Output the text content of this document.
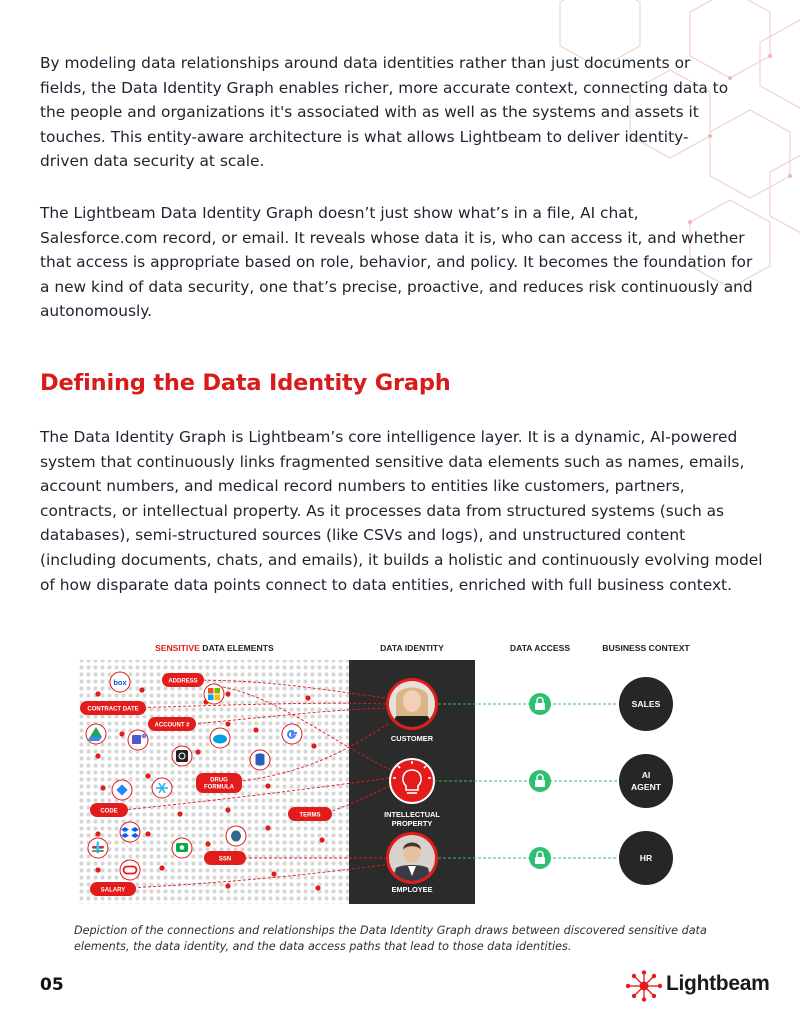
By modeling data relationships around data identities rather than just documents or fields, the Data Identity Graph enables richer, more accurate context, connecting data to the people and organizations it's associated with as well as the systems and assets it touches. This entity-aware architecture is what allows Lightbeam to deliver identity-driven data security at scale.

The Lightbeam Data Identity Graph doesn’t just show what’s in a file, AI chat, Salesforce.com record, or email. It reveals whose data it is, who can access it, and whether that access is appropriate based on role, behavior, and policy. It becomes the foundation for a new kind of data security, one that’s precise, proactive, and reduces risk continuously and autonomously.

Defining the Data Identity Graph

The Data Identity Graph is Lightbeam’s core intelligence layer. It is a dynamic, AI-powered system that continuously links fragmented sensitive data elements such as names, emails, account numbers, and medical record numbers to entities like customers, partners, contracts, or intellectual property. As it processes data from structured systems (such as databases), semi-structured sources (like CSVs and logs), and unstructured content (including documents, chats, and emails), it builds a holistic and continuously evolving model of how disparate data points connect to data entities, enriched with full business context.

SENSITIVE DATA ELEMENTS	DATA IDENTITY	DATA ACCESS	BUSINESS CONTEXT
ADDRESS
CONTRACT DATE
ACCOUNT #
DRUG FORMULA
CODE
TERMS
SSN
SALARY
box
CUSTOMER
INTELLECTUAL
PROPERTY
EMPLOYEE
SALES
AI
AGENT
HR

Depiction of the connections and relationships the Data Identity Graph draws between discovered sensitive data elements, the data identity, and the data access paths that lead to those data identities.

05	Lightbeam
